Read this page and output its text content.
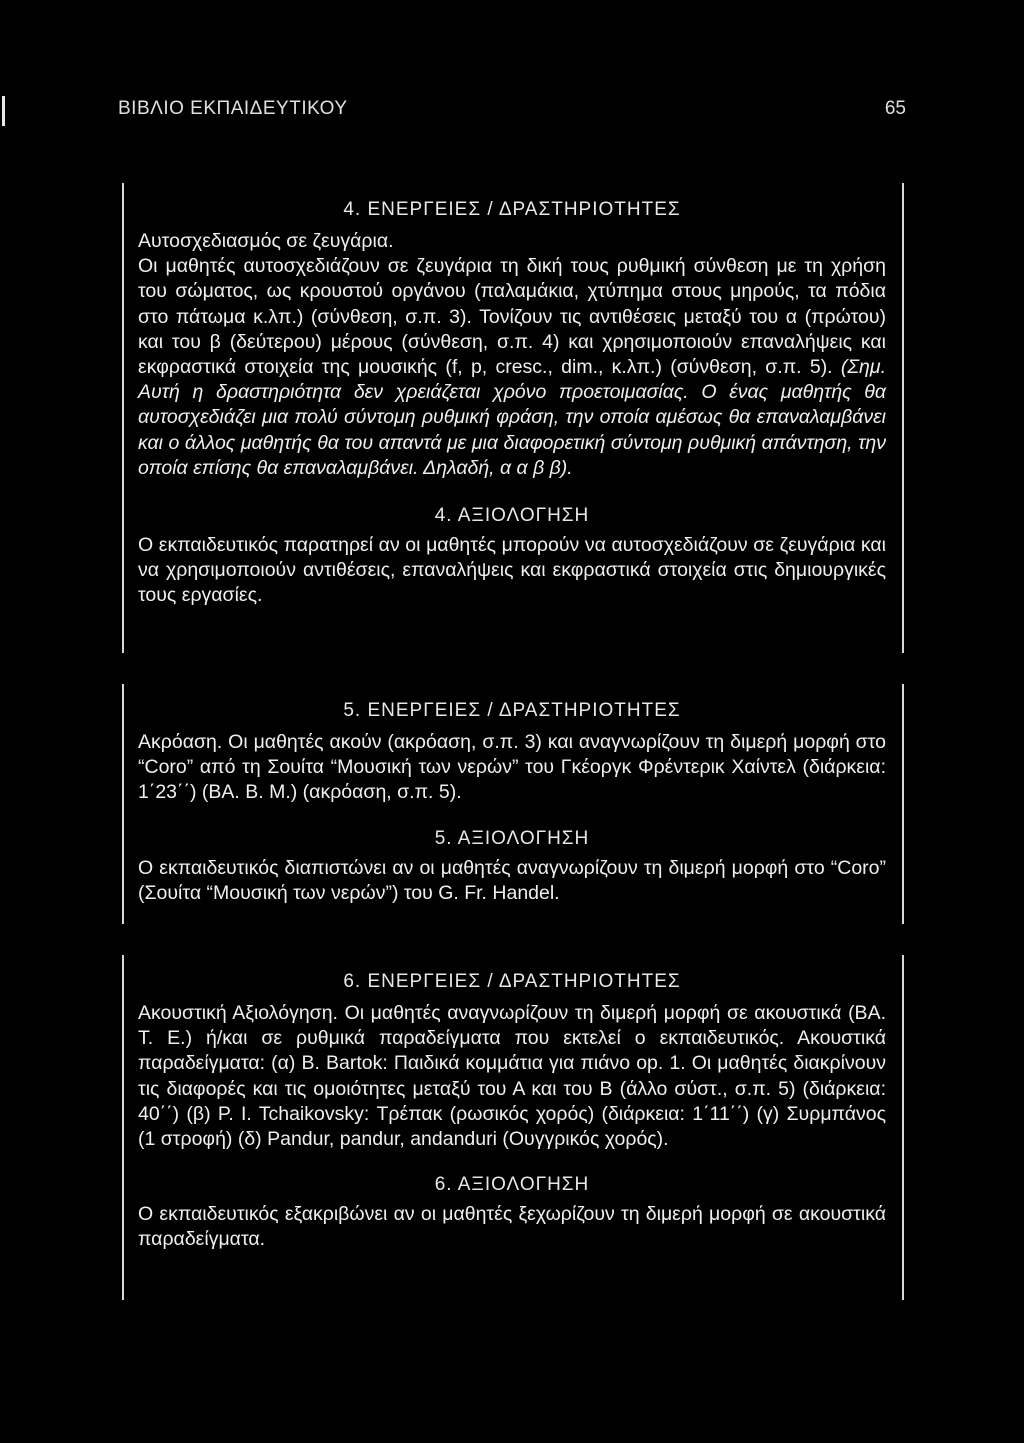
ΒΙΒΛΙΟ ΕΚΠΑΙΔΕΥΤΙΚΟΥ	65

4. ΕΝΕΡΓΕΙΕΣ / ΔΡΑΣΤΗΡΙΟΤΗΤΕΣ

Αυτοσχεδιασμός σε ζευγάρια.

Οι μαθητές αυτοσχεδιάζουν σε ζευγάρια τη δική τους ρυθμική σύνθεση με τη χρήση του σώματος, ως κρουστού οργάνου (παλαμάκια, χτύπημα στους μηρούς, τα πόδια στο πάτωμα κ.λπ.) (σύνθεση, σ.π. 3). Τονίζουν τις αντιθέσεις μεταξύ του α (πρώτου) και του β (δεύτερου) μέρους (σύνθεση, σ.π. 4) και χρησιμοποιούν επαναλήψεις και εκφραστικά στοιχεία της μουσικής (f, p, cresc., dim., κ.λπ.) (σύνθεση, σ.π. 5). (Σημ. Αυτή η δραστηριότητα δεν χρειάζεται χρόνο προετοιμασίας. Ο ένας μαθητής θα αυτοσχεδιάζει μια πολύ σύντομη ρυθμική φράση, την οποία αμέσως θα επαναλαμβάνει και ο άλλος μαθητής θα του απαντά με μια διαφορετική σύντομη ρυθμική απάντηση, την οποία επίσης θα επαναλαμβάνει. Δηλαδή, α α β β).

4. ΑΞΙΟΛΟΓΗΣΗ

Ο εκπαιδευτικός παρατηρεί αν οι μαθητές μπορούν να αυτοσχεδιάζουν σε ζευγάρια και να χρησιμοποιούν αντιθέσεις, επαναλήψεις και εκφραστικά στοιχεία στις δημιουργικές τους εργασίες.

5. ΕΝΕΡΓΕΙΕΣ / ΔΡΑΣΤΗΡΙΟΤΗΤΕΣ

Ακρόαση. Οι μαθητές ακούν (ακρόαση, σ.π. 3) και αναγνωρίζουν τη διμερή μορφή στο “Coro” από τη Σουίτα “Μουσική των νερών” του Γκέοργκ Φρέντερικ Χαίντελ (διάρκεια: 1΄23΄΄) (ΒΑ. Β. Μ.) (ακρόαση, σ.π. 5).

5. ΑΞΙΟΛΟΓΗΣΗ

Ο εκπαιδευτικός διαπιστώνει αν οι μαθητές αναγνωρίζουν τη διμερή μορφή στο “Coro” (Σουίτα “Μουσική των νερών”) του G. Fr. Handel.

6. ΕΝΕΡΓΕΙΕΣ / ΔΡΑΣΤΗΡΙΟΤΗΤΕΣ

Ακουστική Αξιολόγηση. Οι μαθητές αναγνωρίζουν τη διμερή μορφή σε ακουστικά (ΒΑ. Τ. Ε.) ή/και σε ρυθμικά παραδείγματα που εκτελεί ο εκπαιδευτικός. Ακουστικά παραδείγματα: (α) B. Bartok: Παιδικά κομμάτια για πιάνο op. 1. Οι μαθητές διακρίνουν τις διαφορές και τις ομοιότητες μεταξύ του Α και του Β (άλλο σύστ., σ.π. 5) (διάρκεια: 40΄΄) (β) P. I. Tchaikovsky: Τρέπακ (ρωσικός χορός) (διάρκεια: 1΄11΄΄) (γ) Συρμπάνος (1 στροφή) (δ) Pandur, pandur, andanduri (Ουγγρικός χορός).

6. ΑΞΙΟΛΟΓΗΣΗ

Ο εκπαιδευτικός εξακριβώνει αν οι μαθητές ξεχωρίζουν τη διμερή μορφή σε ακουστικά παραδείγματα.
